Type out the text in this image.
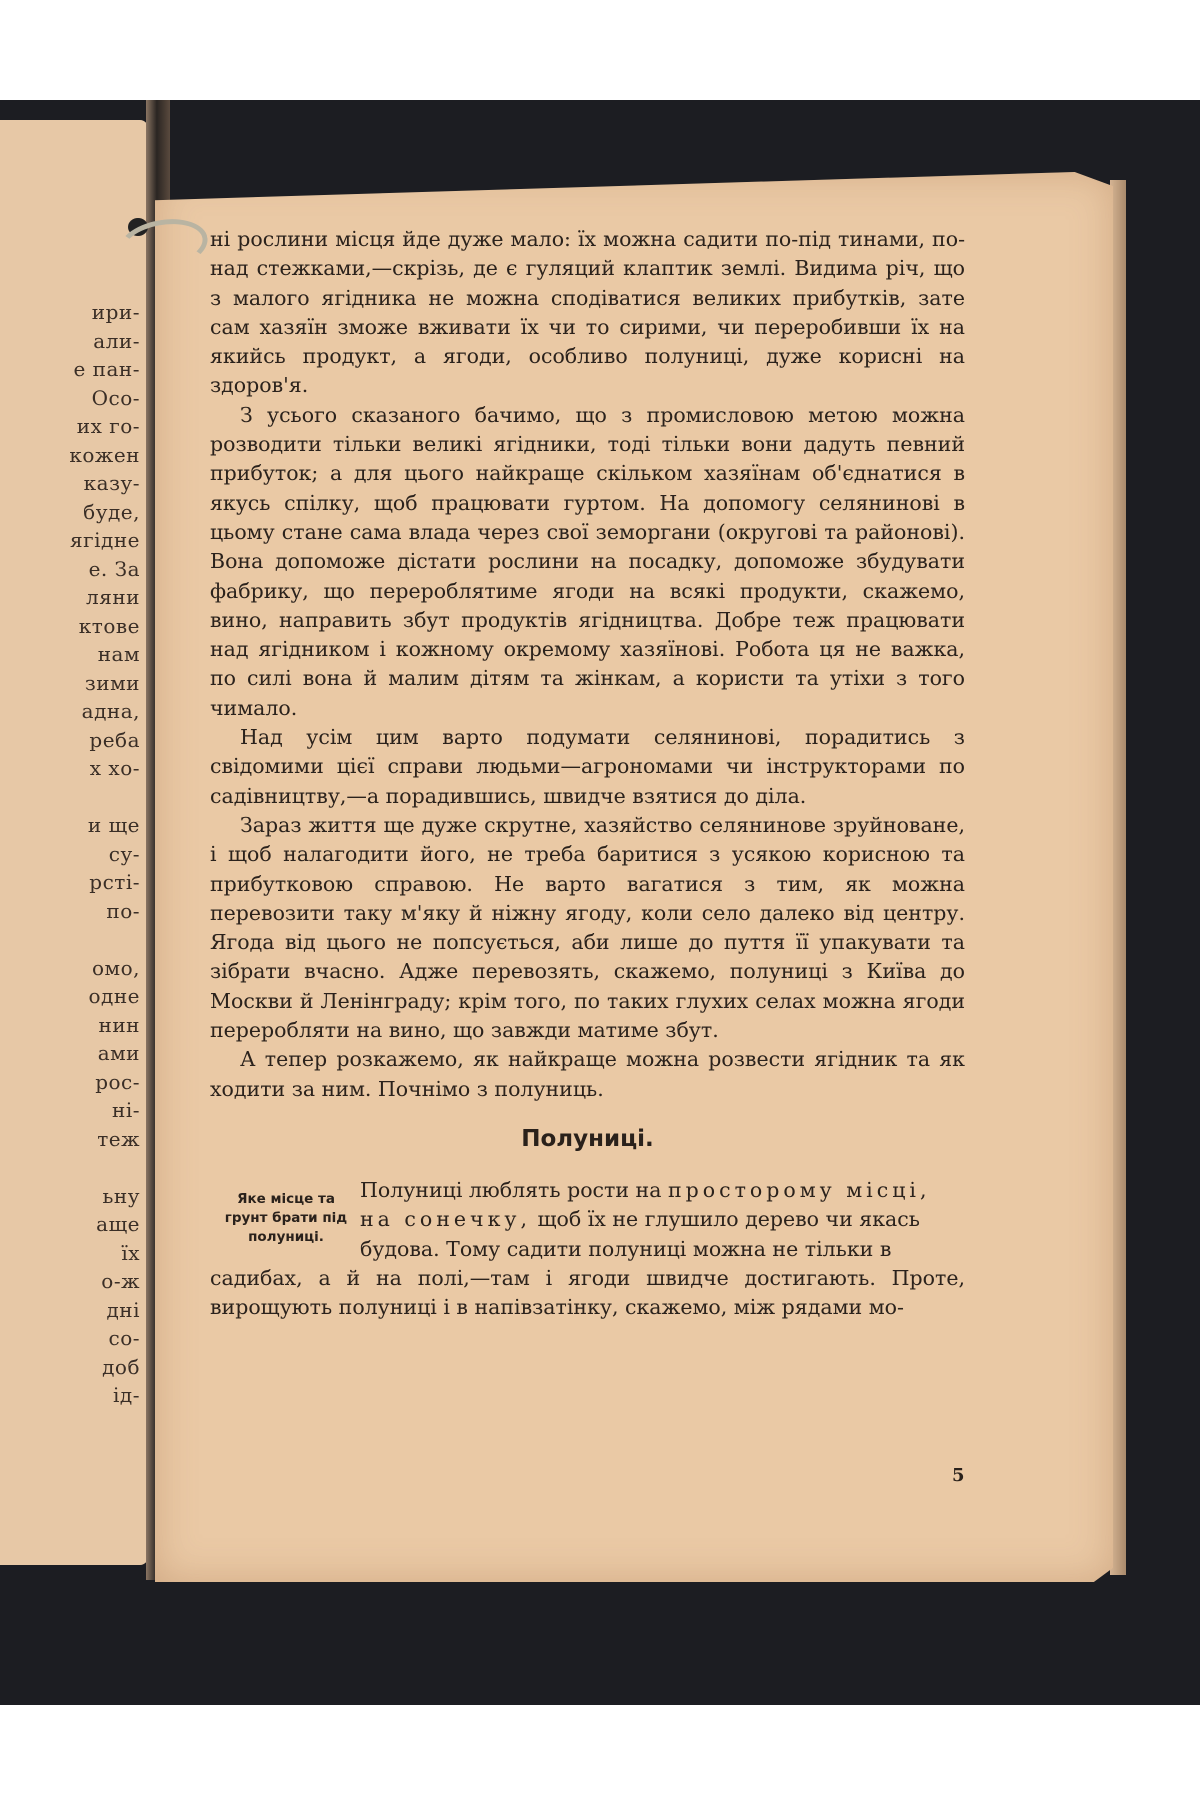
ири-
али-
е пан-
Осо-
их го-
кожен
казу-
буде,
ягідне
е. За
ляни
ктове
нам
зими
адна,
реба
х хо-
и ще
су-
рсті-
по-
омо,
одне
нин
ами
рос-
ні-
теж
ьну
аще
їх
о-ж
дні
со-
доб
ід-

ні рослини місця йде дуже мало: їх можна садити по-під тинами, по-над стежками,—скрізь, де є гуляций клаптик землі. Видима річ, що з малого ягідника не можна сподіватися великих прибутків, зате сам хазяїн зможе вживати їх чи то сирими, чи переробивши їх на якийсь продукт, а ягоди, особливо полуниці, дуже корисні на здоров'я.

З усього сказаного бачимо, що з промисловою метою можна розводити тільки великі ягідники, тоді тільки вони дадуть певний прибуток; а для цього найкраще скільком хазяїнам об'єднатися в якусь спілку, щоб працювати гуртом. На допомогу селянинові в цьому стане сама влада через свої земоргани (округові та районові). Вона допоможе дістати рослини на посадку, допоможе збудувати фабрику, що перероблятиме ягоди на всякі продукти, скажемо, вино, направить збут продуктів ягідництва. Добре теж працювати над ягідником і кожному окремому хазяїнові. Робота ця не важка, по силі вона й малим дітям та жінкам, а користи та утіхи з того чимало.

Над усім цим варто подумати селянинові, порадитись з свідомими цієї справи людьми—агрономами чи інструкторами по садівництву,—а порадившись, швидче взятися до діла.

Зараз життя ще дуже скрутне, хазяйство селянинове зруйноване, і щоб налагодити його, не треба баритися з усякою корисною та прибутковою справою. Не варто вагатися з тим, як можна перевозити таку м'яку й ніжну ягоду, коли село далеко від центру. Ягода від цього не попсується, аби лише до пуття її упакувати та зібрати вчасно. Адже перевозять, скажемо, полуниці з Київа до Москви й Ленінграду; крім того, по таких глухих селах можна ягоди переробляти на вино, що завжди матиме збут.

А тепер розкажемо, як найкраще можна розвести ягідник та як ходити за ним. Почнімо з полуниць.

Полуниці.
Яке місце та грунт брати під полуниці.
Полуниці люблять рости на просторому місці,
на сонечку, щоб їх не глушило дерево чи якась
будова. Тому садити полуниці можна не тільки в
садибах, а й на полі,—там і ягоди швидче достигають. Проте, вирощують полуниці і в напівзатінку, скажемо, між рядами мо-
5
